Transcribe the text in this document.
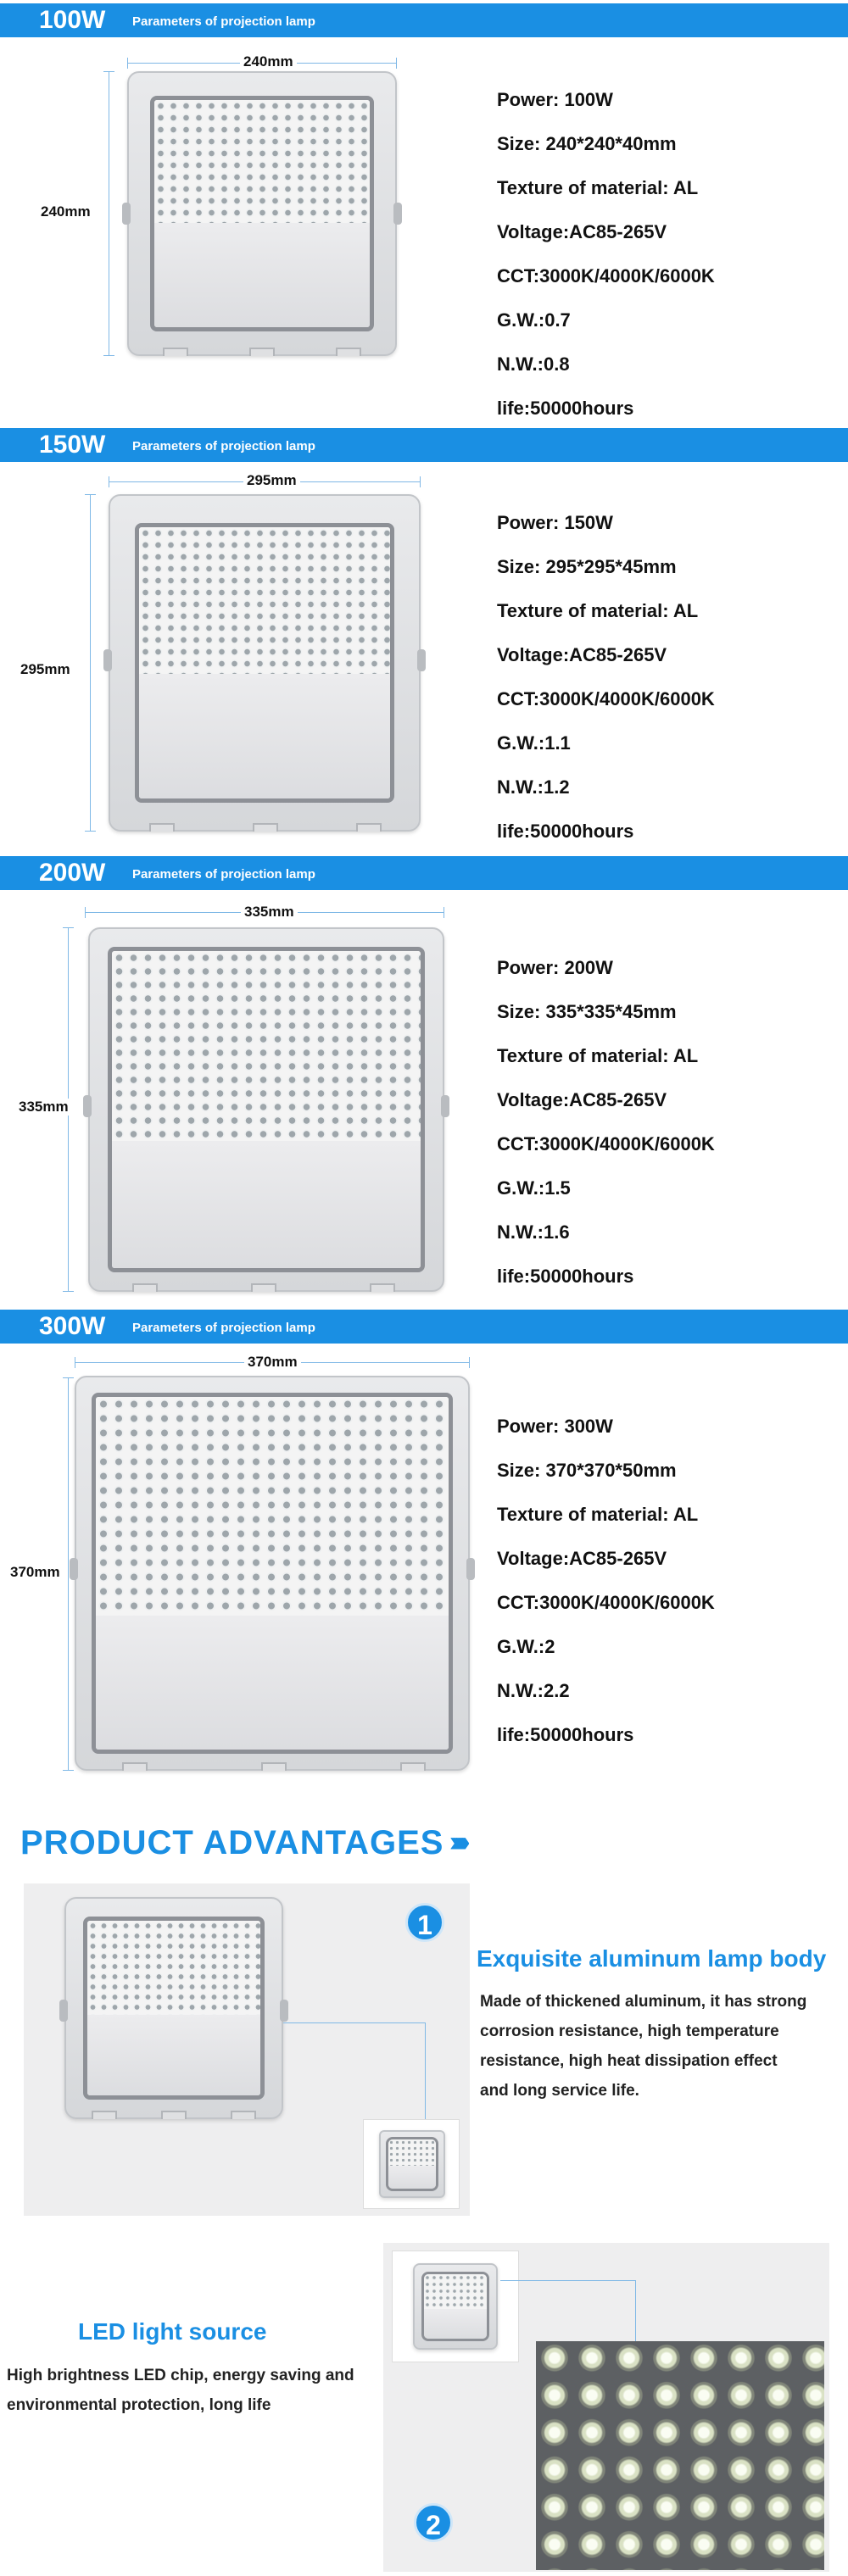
100W Parameters of projection lamp
240mm
240mm
Power: 100W
Size: 240*240*40mm
Texture of material: AL
Voltage:AC85-265V
CCT:3000K/4000K/6000K
G.W.:0.7
N.W.:0.8
life:50000hours
150W Parameters of projection lamp
295mm
295mm
Power: 150W
Size: 295*295*45mm
Texture of material: AL
Voltage:AC85-265V
CCT:3000K/4000K/6000K
G.W.:1.1
N.W.:1.2
life:50000hours
200W Parameters of projection lamp
335mm
335mm
Power: 200W
Size: 335*335*45mm
Texture of material: AL
Voltage:AC85-265V
CCT:3000K/4000K/6000K
G.W.:1.5
N.W.:1.6
life:50000hours
300W Parameters of projection lamp
370mm
370mm
Power: 300W
Size: 370*370*50mm
Texture of material: AL
Voltage:AC85-265V
CCT:3000K/4000K/6000K
G.W.:2
N.W.:2.2
life:50000hours
PRODUCT ADVANTAGES ›››››
1
Exquisite aluminum lamp body
Made of thickened aluminum, it has strong
corrosion resistance, high temperature
resistance, high heat dissipation effect
and long service life.
LED light source
High brightness LED chip, energy saving and
environmental protection, long life
2
